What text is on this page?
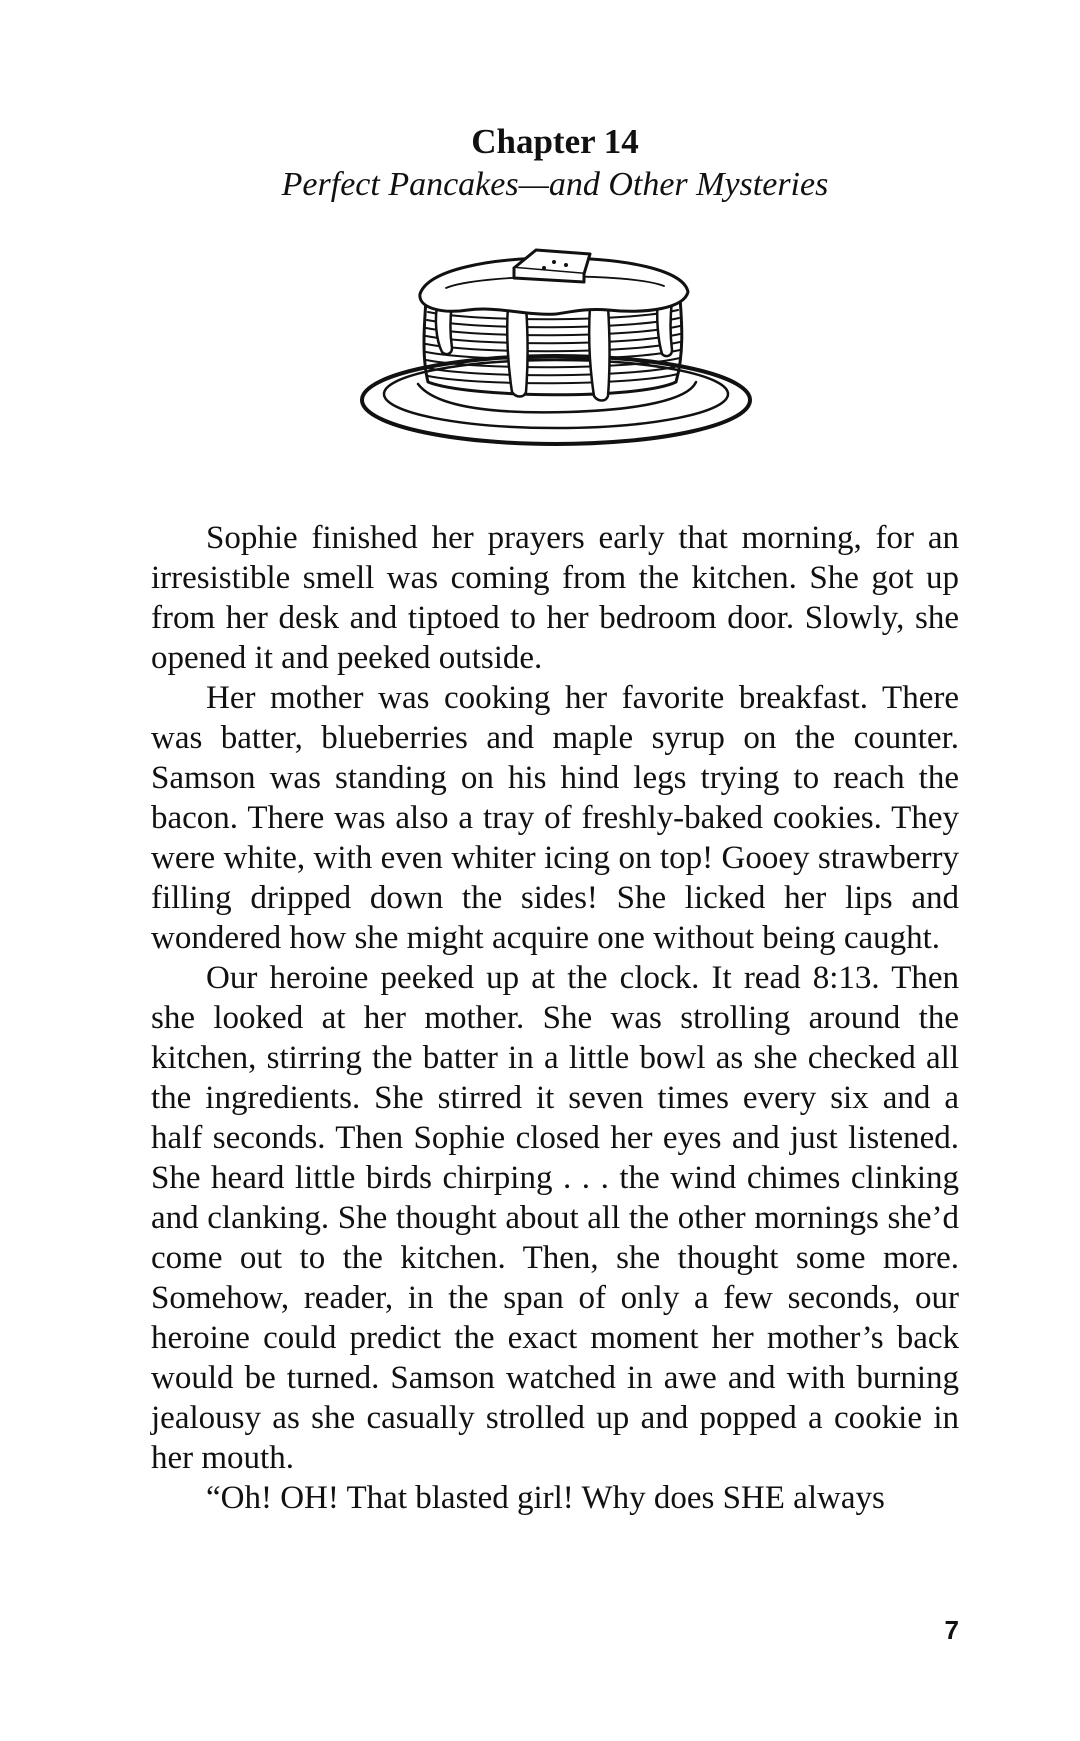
Chapter 14

Perfect Pancakes—and Other Mysteries

Sophie finished her prayers early that morning, for an irresistible smell was coming from the kitchen. She got up from her desk and tiptoed to her bedroom door. Slowly, she opened it and peeked outside.

Her mother was cooking her favorite breakfast. There was batter, blueberries and maple syrup on the counter. Samson was standing on his hind legs trying to reach the bacon. There was also a tray of freshly-baked cookies. They were white, with even whiter icing on top! Gooey strawberry filling dripped down the sides! She licked her lips and wondered how she might acquire one without being caught.

Our heroine peeked up at the clock. It read 8:13. Then she looked at her mother. She was strolling around the kitchen, stirring the batter in a little bowl as she checked all the ingredients. She stirred it seven times every six and a half seconds. Then Sophie closed her eyes and just listened. She heard little birds chirping . . . the wind chimes clinking and clanking. She thought about all the other mornings she’d come out to the kitchen. Then, she thought some more. Somehow, reader, in the span of only a few seconds, our heroine could predict the exact moment her mother’s back would be turned. Samson watched in awe and with burning jealousy as she casually strolled up and popped a cookie in her mouth.

“Oh! OH! That blasted girl! Why does SHE always

7
